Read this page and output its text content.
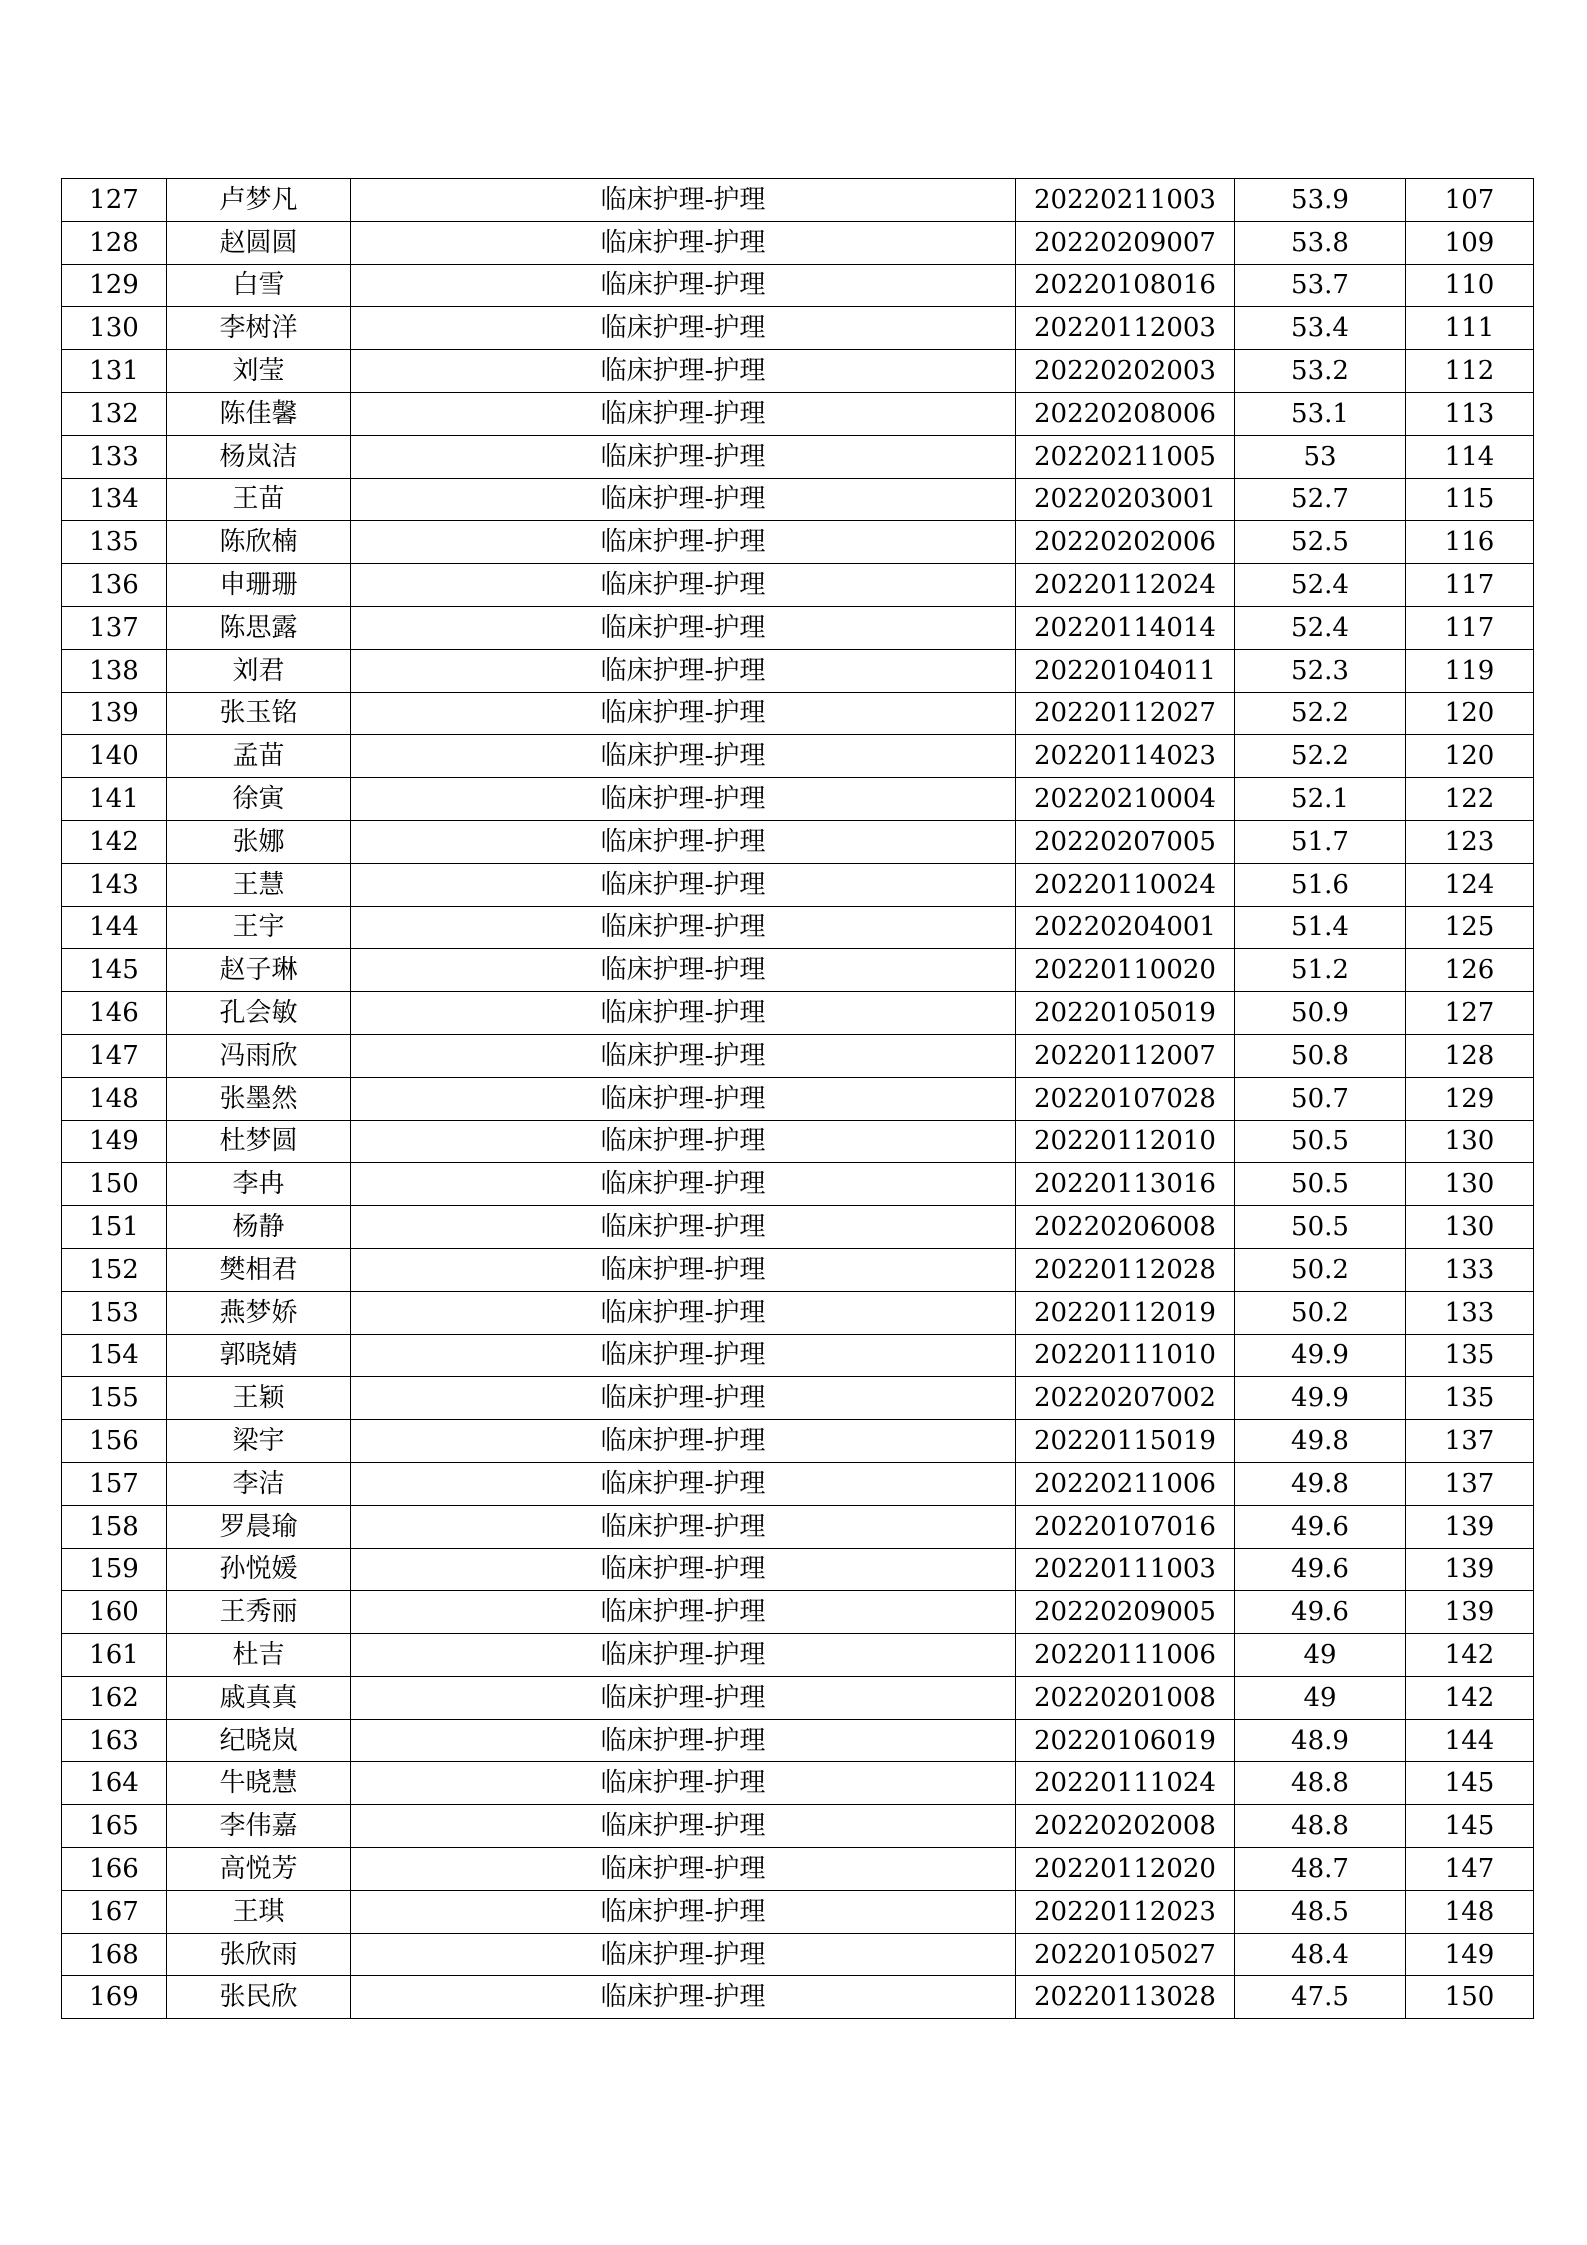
127	卢梦凡	临床护理-护理	20220211003	53.9	107
128	赵圆圆	临床护理-护理	20220209007	53.8	109
129	白雪	临床护理-护理	20220108016	53.7	110
130	李树洋	临床护理-护理	20220112003	53.4	111
131	刘莹	临床护理-护理	20220202003	53.2	112
132	陈佳馨	临床护理-护理	20220208006	53.1	113
133	杨岚洁	临床护理-护理	20220211005	53	114
134	王苗	临床护理-护理	20220203001	52.7	115
135	陈欣楠	临床护理-护理	20220202006	52.5	116
136	申珊珊	临床护理-护理	20220112024	52.4	117
137	陈思露	临床护理-护理	20220114014	52.4	117
138	刘君	临床护理-护理	20220104011	52.3	119
139	张玉铭	临床护理-护理	20220112027	52.2	120
140	孟苗	临床护理-护理	20220114023	52.2	120
141	徐寅	临床护理-护理	20220210004	52.1	122
142	张娜	临床护理-护理	20220207005	51.7	123
143	王慧	临床护理-护理	20220110024	51.6	124
144	王宇	临床护理-护理	20220204001	51.4	125
145	赵子琳	临床护理-护理	20220110020	51.2	126
146	孔会敏	临床护理-护理	20220105019	50.9	127
147	冯雨欣	临床护理-护理	20220112007	50.8	128
148	张墨然	临床护理-护理	20220107028	50.7	129
149	杜梦圆	临床护理-护理	20220112010	50.5	130
150	李冉	临床护理-护理	20220113016	50.5	130
151	杨静	临床护理-护理	20220206008	50.5	130
152	樊相君	临床护理-护理	20220112028	50.2	133
153	燕梦娇	临床护理-护理	20220112019	50.2	133
154	郭晓婧	临床护理-护理	20220111010	49.9	135
155	王颖	临床护理-护理	20220207002	49.9	135
156	梁宇	临床护理-护理	20220115019	49.8	137
157	李洁	临床护理-护理	20220211006	49.8	137
158	罗晨瑜	临床护理-护理	20220107016	49.6	139
159	孙悦媛	临床护理-护理	20220111003	49.6	139
160	王秀丽	临床护理-护理	20220209005	49.6	139
161	杜吉	临床护理-护理	20220111006	49	142
162	戚真真	临床护理-护理	20220201008	49	142
163	纪晓岚	临床护理-护理	20220106019	48.9	144
164	牛晓慧	临床护理-护理	20220111024	48.8	145
165	李伟嘉	临床护理-护理	20220202008	48.8	145
166	高悦芳	临床护理-护理	20220112020	48.7	147
167	王琪	临床护理-护理	20220112023	48.5	148
168	张欣雨	临床护理-护理	20220105027	48.4	149
169	张民欣	临床护理-护理	20220113028	47.5	150
